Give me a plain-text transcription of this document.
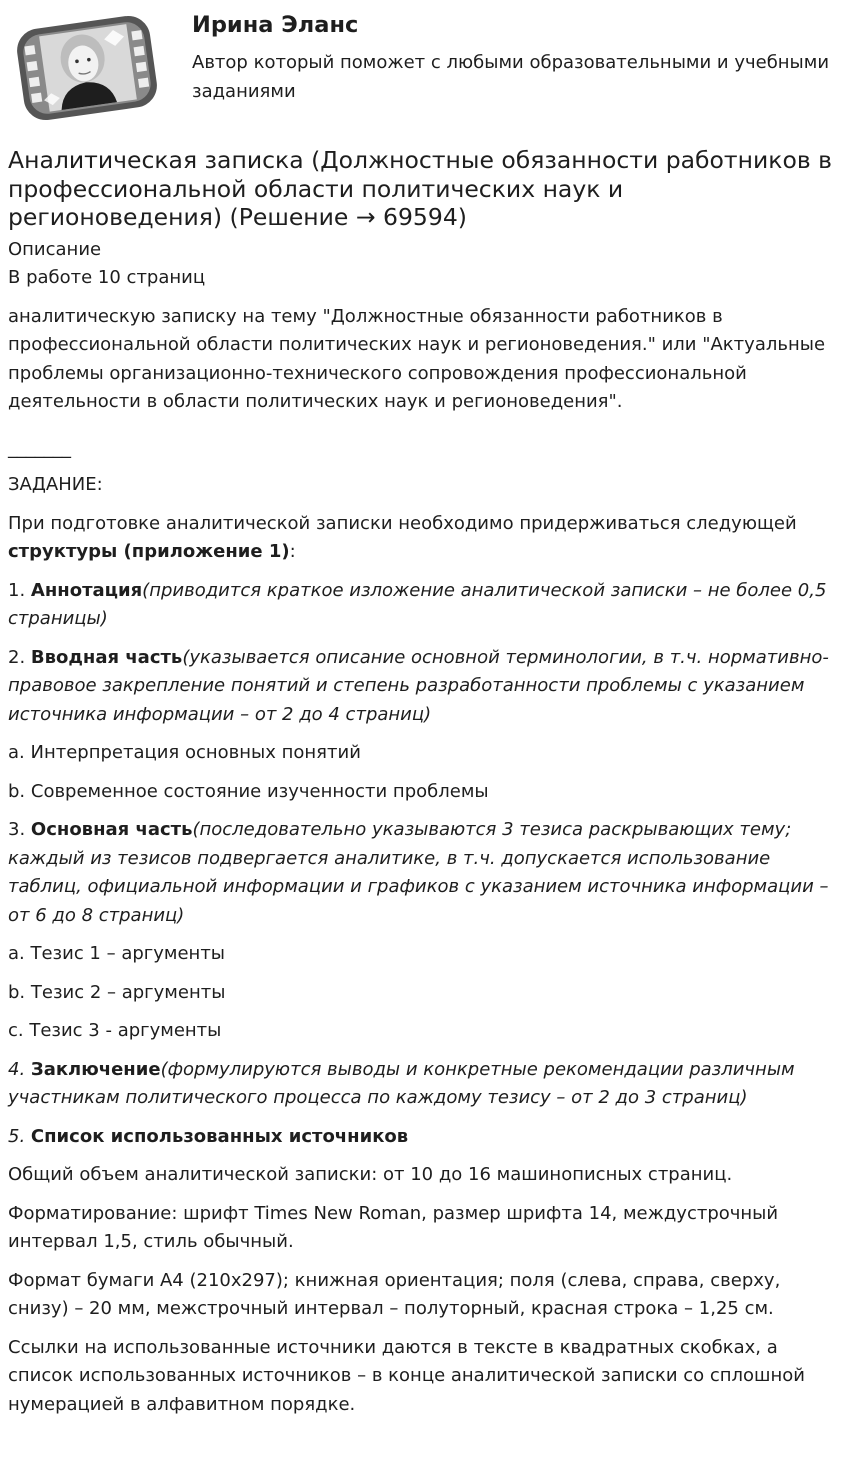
Ирина Эланс

Автор который поможет с любыми образовательными и учебными заданиями

Аналитическая записка (Должностные обязанности работников в профессиональной области политических наук и регионоведения) (Решение → 69594)

Описание

В работе 10 страниц

аналитическую записку на тему "Должностные обязанности работников в профессиональной области политических наук и регионоведения." или "Актуальные проблемы организационно-технического сопровождения профессиональной деятельности в области политических наук и регионоведения".

_______

ЗАДАНИЕ:

При подготовке аналитической записки необходимо придерживаться следующей структуры (приложение 1):

1. Аннотация(приводится краткое изложение аналитической записки – не более 0,5 страницы)

2. Вводная часть(указывается описание основной терминологии, в т.ч. нормативно-правовое закрепление понятий и степень разработанности проблемы с указанием источника информации – от 2 до 4 страниц)

a. Интерпретация основных понятий

b. Современное состояние изученности проблемы

3. Основная часть(последовательно указываются 3 тезиса раскрывающих тему; каждый из тезисов подвергается аналитике, в т.ч. допускается использование таблиц, официальной информации и графиков с указанием источника информации – от 6 до 8 страниц)

a. Тезис 1 – аргументы

b. Тезис 2 – аргументы

c. Тезис 3 - аргументы

4. Заключение(формулируются выводы и конкретные рекомендации различным участникам политического процесса по каждому тезису – от 2 до 3 страниц)

5. Список использованных источников

Общий объем аналитической записки: от 10 до 16 машинописных страниц.

Форматирование: шрифт Times New Roman, размер шрифта 14, междустрочный интервал 1,5, стиль обычный.

Формат бумаги А4 (210х297); книжная ориентация; поля (слева, справа, сверху, снизу) – 20 мм, межстрочный интервал – полуторный, красная строка – 1,25 см.

Ссылки на использованные источники даются в тексте в квадратных скобках, а список использованных источников – в конце аналитической записки со сплошной нумерацией в алфавитном порядке.
